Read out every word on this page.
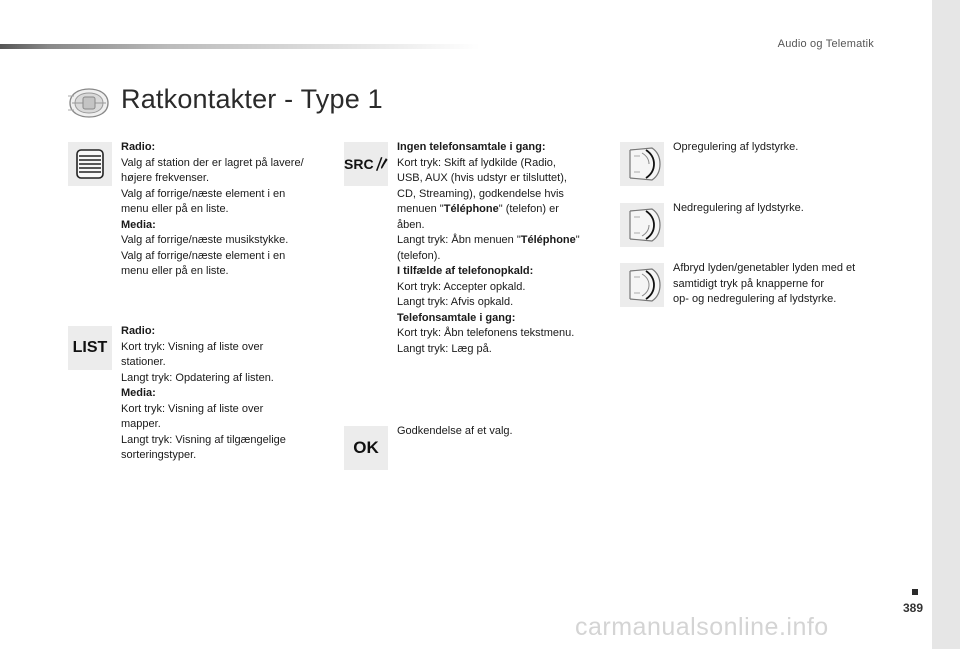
Audio og Telematik
Ratkontakter - Type 1

Radio:

Valg af station der er lagret på lavere/

højere frekvenser.

Valg af forrige/næste element i en

menu eller på en liste.

Media:

Valg af forrige/næste musikstykke.

Valg af forrige/næste element i en

menu eller på en liste.

LIST

Radio:

Kort tryk: Visning af liste over

stationer.

Langt tryk: Opdatering af listen.

Media:

Kort tryk: Visning af liste over

mapper.

Langt tryk: Visning af tilgængelige

sorteringstyper.

SRC

Ingen telefonsamtale i gang:

Kort tryk: Skift af lydkilde (Radio,

USB, AUX (hvis udstyr er tilsluttet),

CD, Streaming), godkendelse hvis

menuen "Téléphone" (telefon) er

åben.

Langt tryk: Åbn menuen "Téléphone"

(telefon).

I tilfælde af telefonopkald:

Kort tryk: Accepter opkald.

Langt tryk: Afvis opkald.

Telefonsamtale i gang:

Kort tryk: Åbn telefonens tekstmenu.

Langt tryk: Læg på.

OK

Godkendelse af et valg.

Opregulering af lydstyrke.

Nedregulering af lydstyrke.

Afbryd lyden/genetabler lyden med et

samtidigt tryk på knapperne for

op- og nedregulering af lydstyrke.

389
carmanualsonline.info
